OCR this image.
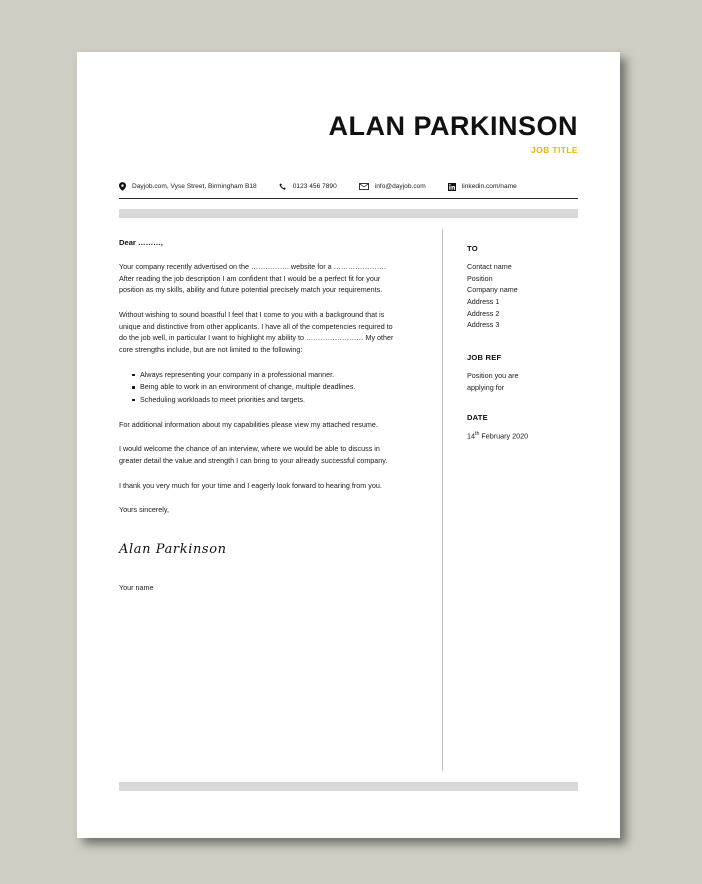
ALAN PARKINSON
JOB TITLE
Dayjob.com, Vyse Street, Birmingham B18	0123 456 7890	info@dayjob.com	linkedin.com/name
Dear ………,
Your company recently advertised on the ……………. website for a …………………. After reading the job description I am confident that I would be a perfect fit for your position as my skills, ability and future potential precisely match your requirements.
Without wishing to sound boastful I feel that I come to you with a background that is unique and distinctive from other applicants. I have all of the competencies required to do the job well, in particular I want to highlight my ability to …………………… My other core strengths include, but are not limited to the following:
Always representing your company in a professional manner.
Being able to work in an environment of change, multiple deadlines.
Scheduling workloads to meet priorities and targets.
For additional information about my capabilities please view my attached resume.
I would welcome the chance of an interview, where we would be able to discuss in greater detail the value and strength I can bring to your already successful company.
I thank you very much for your time and I eagerly look forward to hearing from you.
Yours sincerely,
Alan Parkinson
Your name
TO
Contact name
Position
Company name
Address 1
Address 2
Address 3
JOB REF
Position you are
applying for
DATE
14th February 2020
